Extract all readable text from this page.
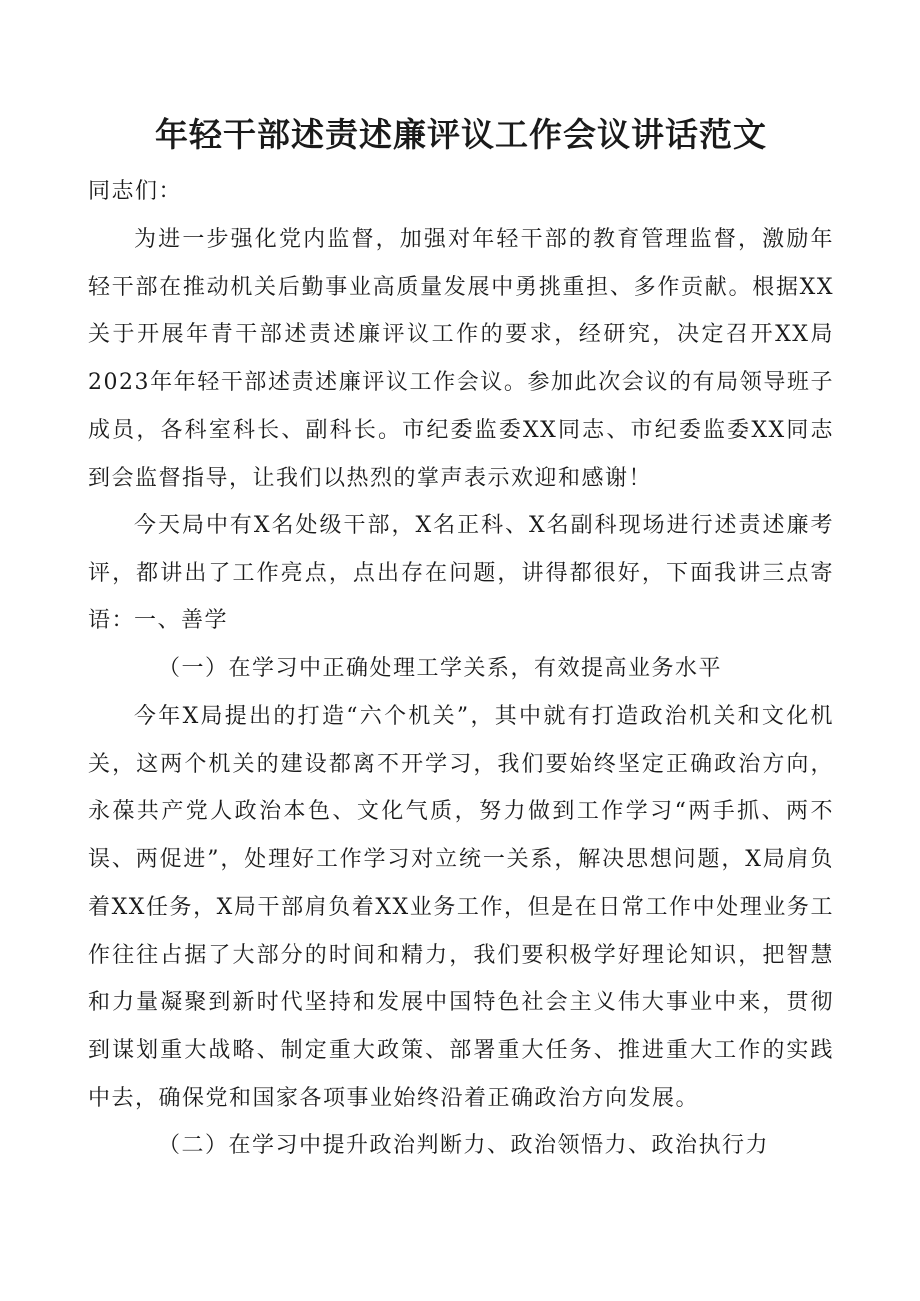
年轻干部述责述廉评议工作会议讲话范文

同志们：

为进一步强化党内监督，加强对年轻干部的教育管理监督，激励年轻干部在推动机关后勤事业高质量发展中勇挑重担、多作贡献。根据XX关于开展年青干部述责述廉评议工作的要求，经研究，决定召开XX局2023年年轻干部述责述廉评议工作会议。参加此次会议的有局领导班子成员，各科室科长、副科长。市纪委监委XX同志、市纪委监委XX同志到会监督指导，让我们以热烈的掌声表示欢迎和感谢！

今天局中有X名处级干部，X名正科、X名副科现场进行述责述廉考评，都讲出了工作亮点，点出存在问题，讲得都很好，下面我讲三点寄语：

一、善学

（一）在学习中正确处理工学关系，有效提高业务水平

今年X局提出的打造“六个机关”，其中就有打造政治机关和文化机关，这两个机关的建设都离不开学习，我们要始终坚定正确政治方向，永葆共产党人政治本色、文化气质，努力做到工作学习“两手抓、两不误、两促进”，处理好工作学习对立统一关系，解决思想问题，X局肩负着XX任务，X局干部肩负着XX业务工作，但是在日常工作中处理业务工作往往占据了大部分的时间和精力，我们要积极学好理论知识，把智慧和力量凝聚到新时代坚持和发展中国特色社会主义伟大事业中来，贯彻到谋划重大战略、制定重大政策、部署重大任务、推进重大工作的实践中去，确保党和国家各项事业始终沿着正确政治方向发展。

（二）在学习中提升政治判断力、政治领悟力、政治执行力
